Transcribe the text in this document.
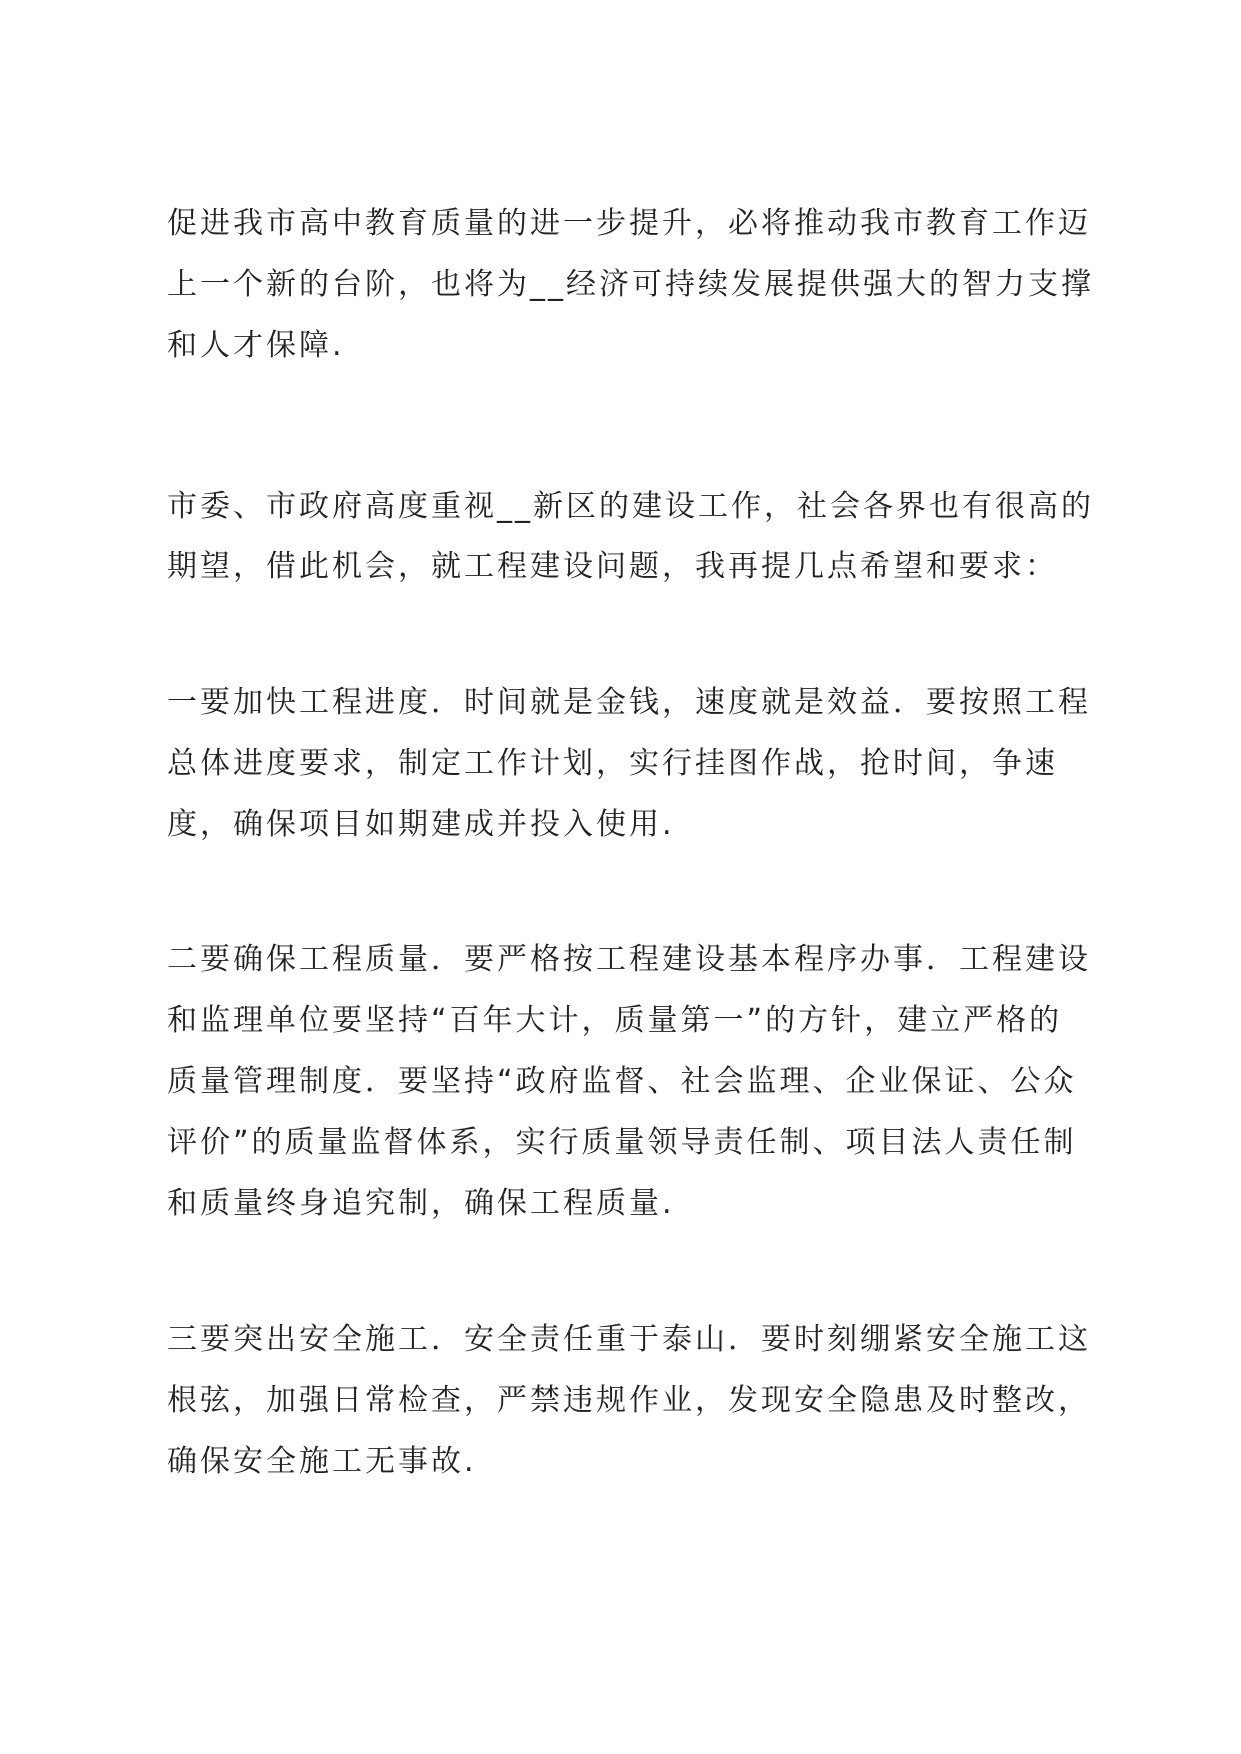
促进我市高中教育质量的进一步提升，必将推动我市教育工作迈

上一个新的台阶，也将为__经济可持续发展提供强大的智力支撑

和人才保障.

市委、市政府高度重视__新区的建设工作，社会各界也有很高的

期望，借此机会，就工程建设问题，我再提几点希望和要求：

一要加快工程进度．时间就是金钱，速度就是效益．要按照工程

总体进度要求，制定工作计划，实行挂图作战，抢时间，争速

度，确保项目如期建成并投入使用.

二要确保工程质量．要严格按工程建设基本程序办事．工程建设

和监理单位要坚持“百年大计，质量第一”的方针，建立严格的

质量管理制度．要坚持“政府监督、社会监理、企业保证、公众

评价”的质量监督体系，实行质量领导责任制、项目法人责任制

和质量终身追究制，确保工程质量.

三要突出安全施工．安全责任重于泰山．要时刻绷紧安全施工这

根弦，加强日常检查，严禁违规作业，发现安全隐患及时整改，

确保安全施工无事故.
